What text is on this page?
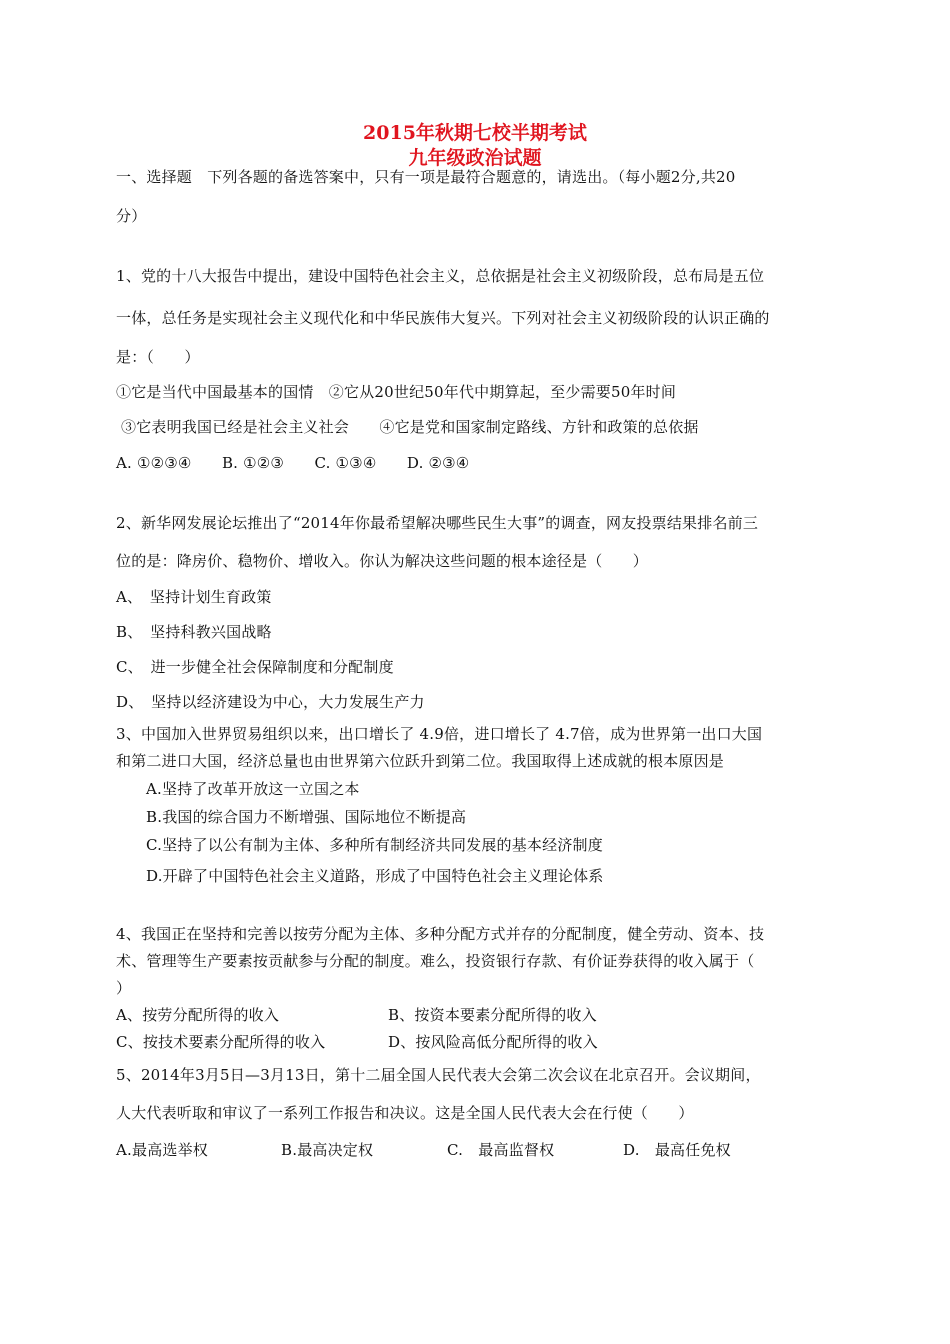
2015年秋期七校半期考试
九年级政治试题
一、选择题　下列各题的备选答案中，只有一项是最符合题意的，请选出。（每小题2分,共20
分）
1、党的十八大报告中提出，建设中国特色社会主义，总依据是社会主义初级阶段，总布局是五位
一体，总任务是实现社会主义现代化和中华民族伟大复兴。下列对社会主义初级阶段的认识正确的
是：（　　）
①它是当代中国最基本的国情　②它从20世纪50年代中期算起，至少需要50年时间
③它表明我国已经是社会主义社会　　④它是党和国家制定路线、方针和政策的总依据
A. ①②③④　　B. ①②③　　C. ①③④　　D. ②③④
2、新华网发展论坛推出了“2014年你最希望解决哪些民生大事”的调查，网友投票结果排名前三
位的是：降房价、稳物价、增收入。你认为解决这些问题的根本途径是（　　）
A、　坚持计划生育政策
B、　坚持科教兴国战略
C、　进一步健全社会保障制度和分配制度
D、　坚持以经济建设为中心，大力发展生产力
3、中国加入世界贸易组织以来，出口增长了 4.9倍，进口增长了 4.7倍，成为世界第一出口大国
和第二进口大国，经济总量也由世界第六位跃升到第二位。我国取得上述成就的根本原因是
A.坚持了改革开放这一立国之本
B.我国的综合国力不断增强、国际地位不断提高
C.坚持了以公有制为主体、多种所有制经济共同发展的基本经济制度
D.开辟了中国特色社会主义道路，形成了中国特色社会主义理论体系
4、我国正在坚持和完善以按劳分配为主体、多种分配方式并存的分配制度，健全劳动、资本、技
术、管理等生产要素按贡献参与分配的制度。难么，投资银行存款、有价证券获得的收入属于（
）
A、按劳分配所得的收入	B、按资本要素分配所得的收入
C、按技术要素分配所得的收入	D、按风险高低分配所得的收入
5、2014年3月5日—3月13日，第十二届全国人民代表大会第二次会议在北京召开。会议期间，
人大代表听取和审议了一系列工作报告和决议。这是全国人民代表大会在行使（　　）
A.最高选举权	B.最高决定权	C.　最高监督权	D.　最高任免权
